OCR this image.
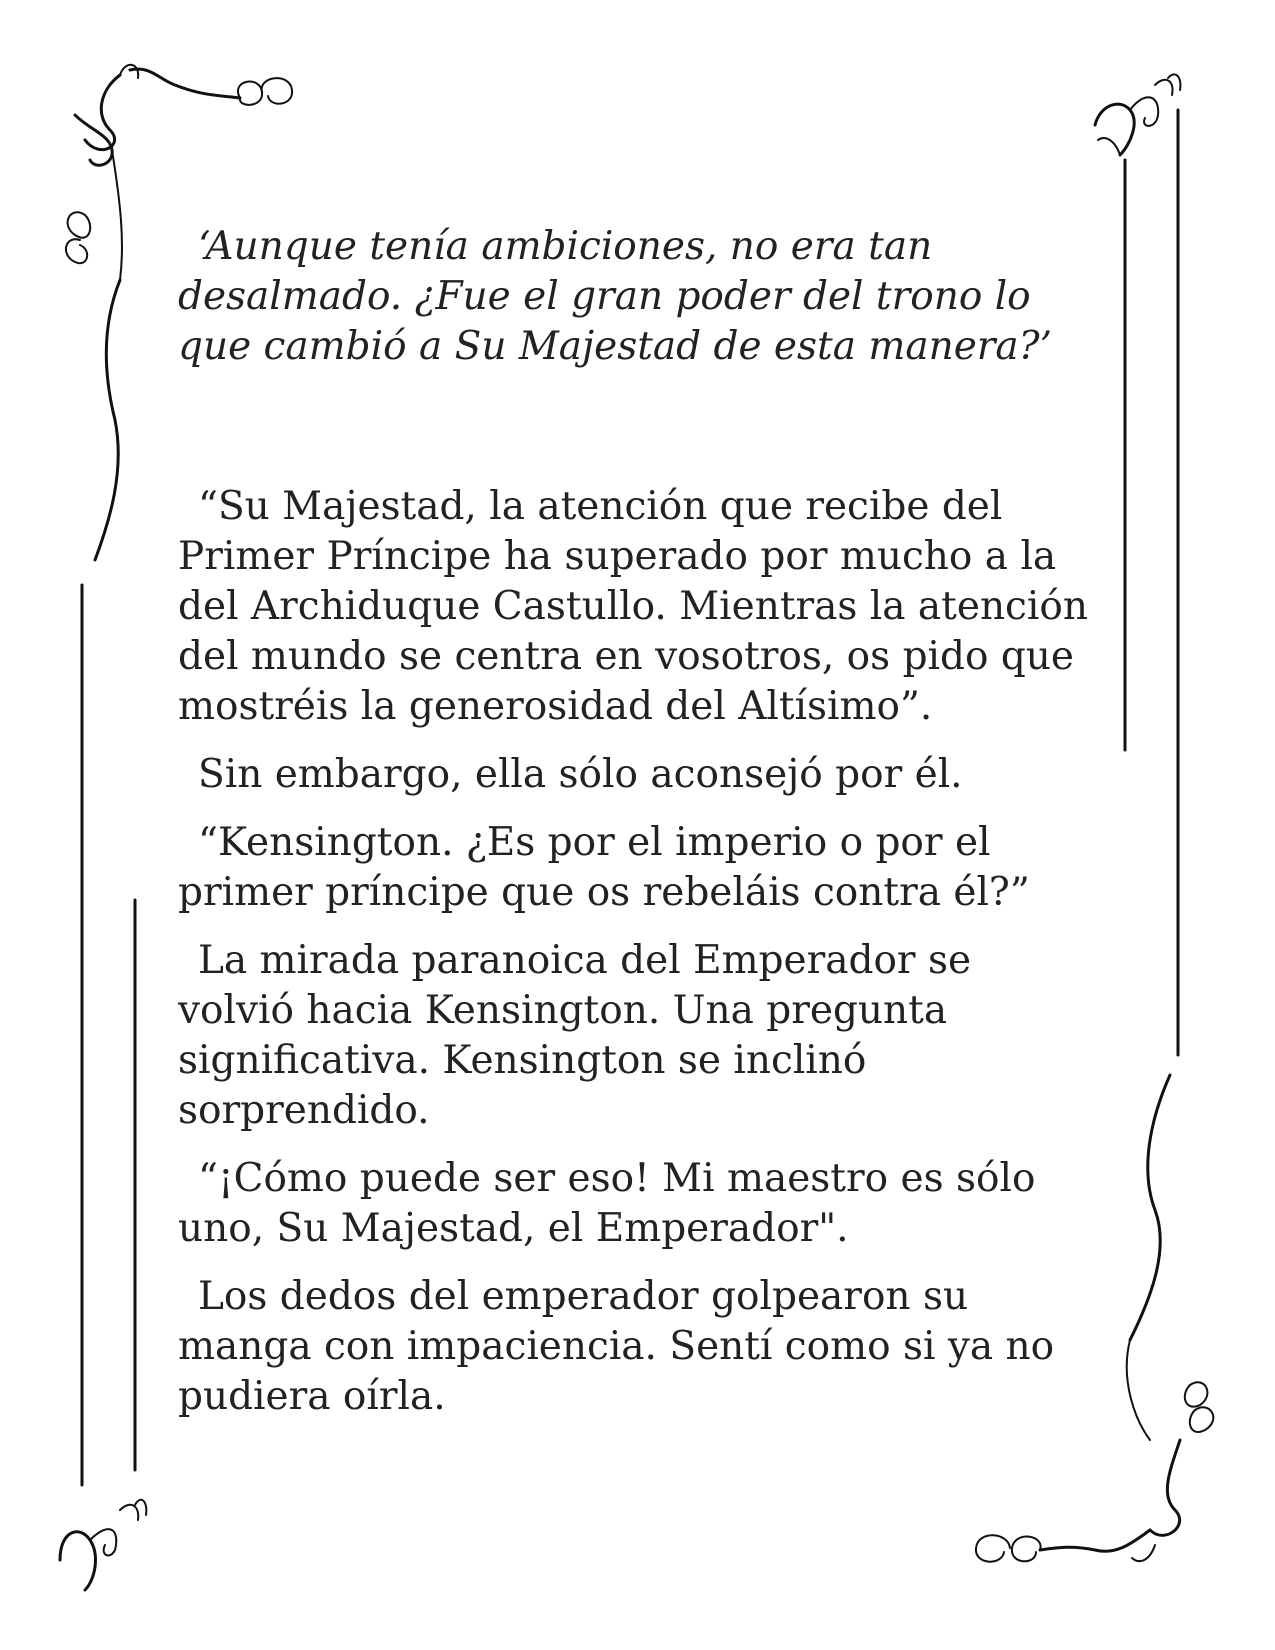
‘Aunque tenía ambiciones, no era tan desalmado. ¿Fue el gran poder del trono lo que cambió a Su Majestad de esta manera?’

“Su Majestad, la atención que recibe del Primer Príncipe ha superado por mucho a la del Archiduque Castullo. Mientras la atención del mundo se centra en vosotros, os pido que mostréis la generosidad del Altísimo”.

Sin embargo, ella sólo aconsejó por él.

“Kensington. ¿Es por el imperio o por el primer príncipe que os rebeláis contra él?”

La mirada paranoica del Emperador se volvió hacia Kensington. Una pregunta significativa. Kensington se inclinó sorprendido.

“¡Cómo puede ser eso! Mi maestro es sólo uno, Su Majestad, el Emperador".

Los dedos del emperador golpearon su manga con impaciencia. Sentí como si ya no pudiera oírla.
